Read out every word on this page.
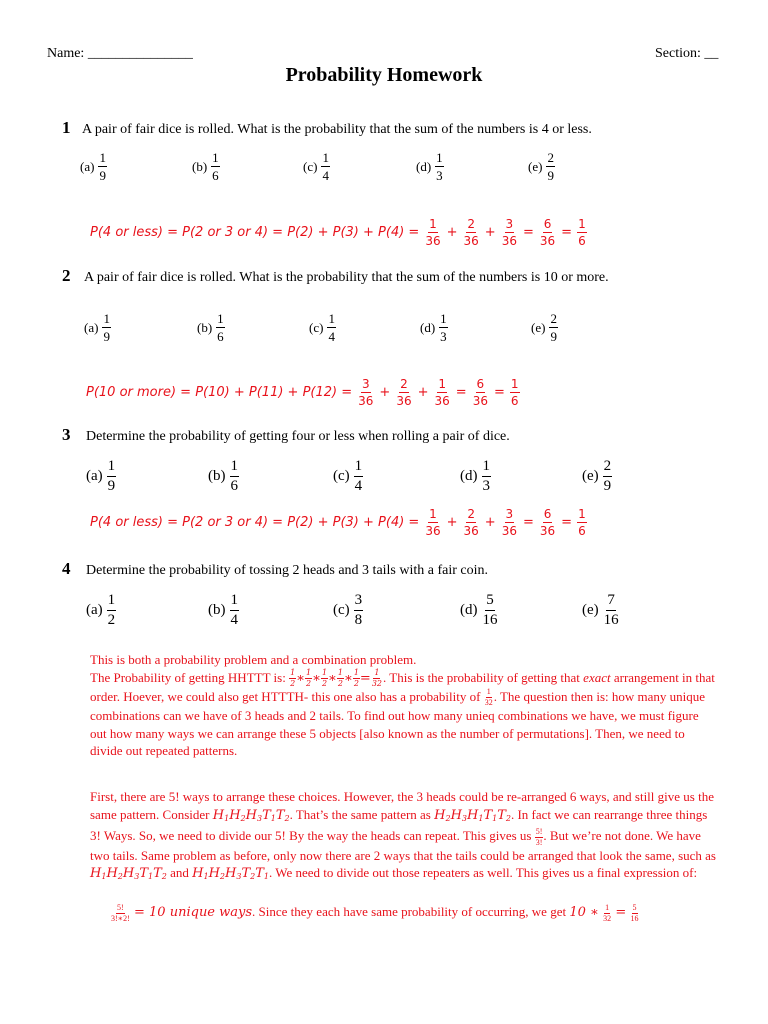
Name: _______________	Section: __
Probability Homework
1 A pair of fair dice is rolled. What is the probability that the sum of the numbers is 4 or less.
$(a) \frac{1}{9}$	$(b) \frac{1}{6}$	$(c) \frac{1}{4}$	$(d) \frac{1}{3}$	$(e) \frac{2}{9}$
P(4 or less) = P(2 or 3 or $4) = P(2) + P(3) + P(4) = \frac{1}{36} + \frac{2}{36} + \frac{3}{36} = \frac{6}{36} = \frac{1}{6}$
2 A pair of fair dice is rolled. What is the probability that the sum of the numbers is 10 or more.
$(a) \frac{1}{9}$	$(b) \frac{1}{6}$	$(c) \frac{1}{4}$	$(d) \frac{1}{3}$	$(e) \frac{2}{9}$
P(10 or more) = $P(10) + P(11) + P(12) = \frac{3}{36} + \frac{2}{36} + \frac{1}{36} = \frac{6}{36} = \frac{1}{6}$
3 Determine the probability of getting four or less when rolling a pair of dice.
$(a) \frac{1}{9}$	$(b) \frac{1}{6}$	$(c) \frac{1}{4}$	$(d) \frac{1}{3}$	$(e) \frac{2}{9}$
P(4 or less) = P(2 or 3 or $4) = P(2) + P(3) + P(4) = \frac{1}{36} + \frac{2}{36} + \frac{3}{36} = \frac{6}{36} = \frac{1}{6}$
4 Determine the probability of tossing 2 heads and 3 tails with a fair coin.
$(a) \frac{1}{2}$	$(b) \frac{1}{4}$	$(c) \frac{3}{8}$	$(d) \frac{5}{16}$	$(e) \frac{7}{16}$
This is both a probability problem and a combination problem.
The Probability of getting HHTTT is: $\frac{1}{2}$ ∗ $\frac{1}{2}$ ∗ $\frac{1}{2}$ ∗ $\frac{1}{2}$ ∗ $\frac{1}{2} = \frac{1}{32}$ . This is the probability of getting that exact arrangement in that order. Hoever, we could also get HTTTH- this one also has a probability of $\frac{1}{32}$ . The question then is: how many unique combinations can we have of 3 heads and 2 tails. To find out how many unieq combinations we have, we must figure out how many ways we can arrange these 5 objects [also known as the number of permutations]. Then, we need to divide out repeated patterns.
First, there are 5! ways to arrange these choices. However, the 3 heads could be re-arranged 6 ways, and still give us the same pattern. Consider $H_1H_2H_3T_1T_2$. That’s the same pattern as $H_2H_3H_1T_1T_2$. In fact we can rearrange three things 3! Ways. So, we need to divide our 5! By the way the heads can repeat. This gives us $\frac{5!}{3!}$ . But we’re not done. We have two tails. Same problem as before, only now there are 2 ways that the tails could be arranged that look the same, such as $H_1H_2H_3T_1T_2$ and $H_1H_2H_3T_2T_1$. We need to divide out those repeaters as well. This gives us a final expression of:
$\frac{5!}{3!∗2!} = 10$ unique ways. Since they each have same probability of occurring, we get 10 ∗ $\frac{1}{32} = \frac{5}{16}$
